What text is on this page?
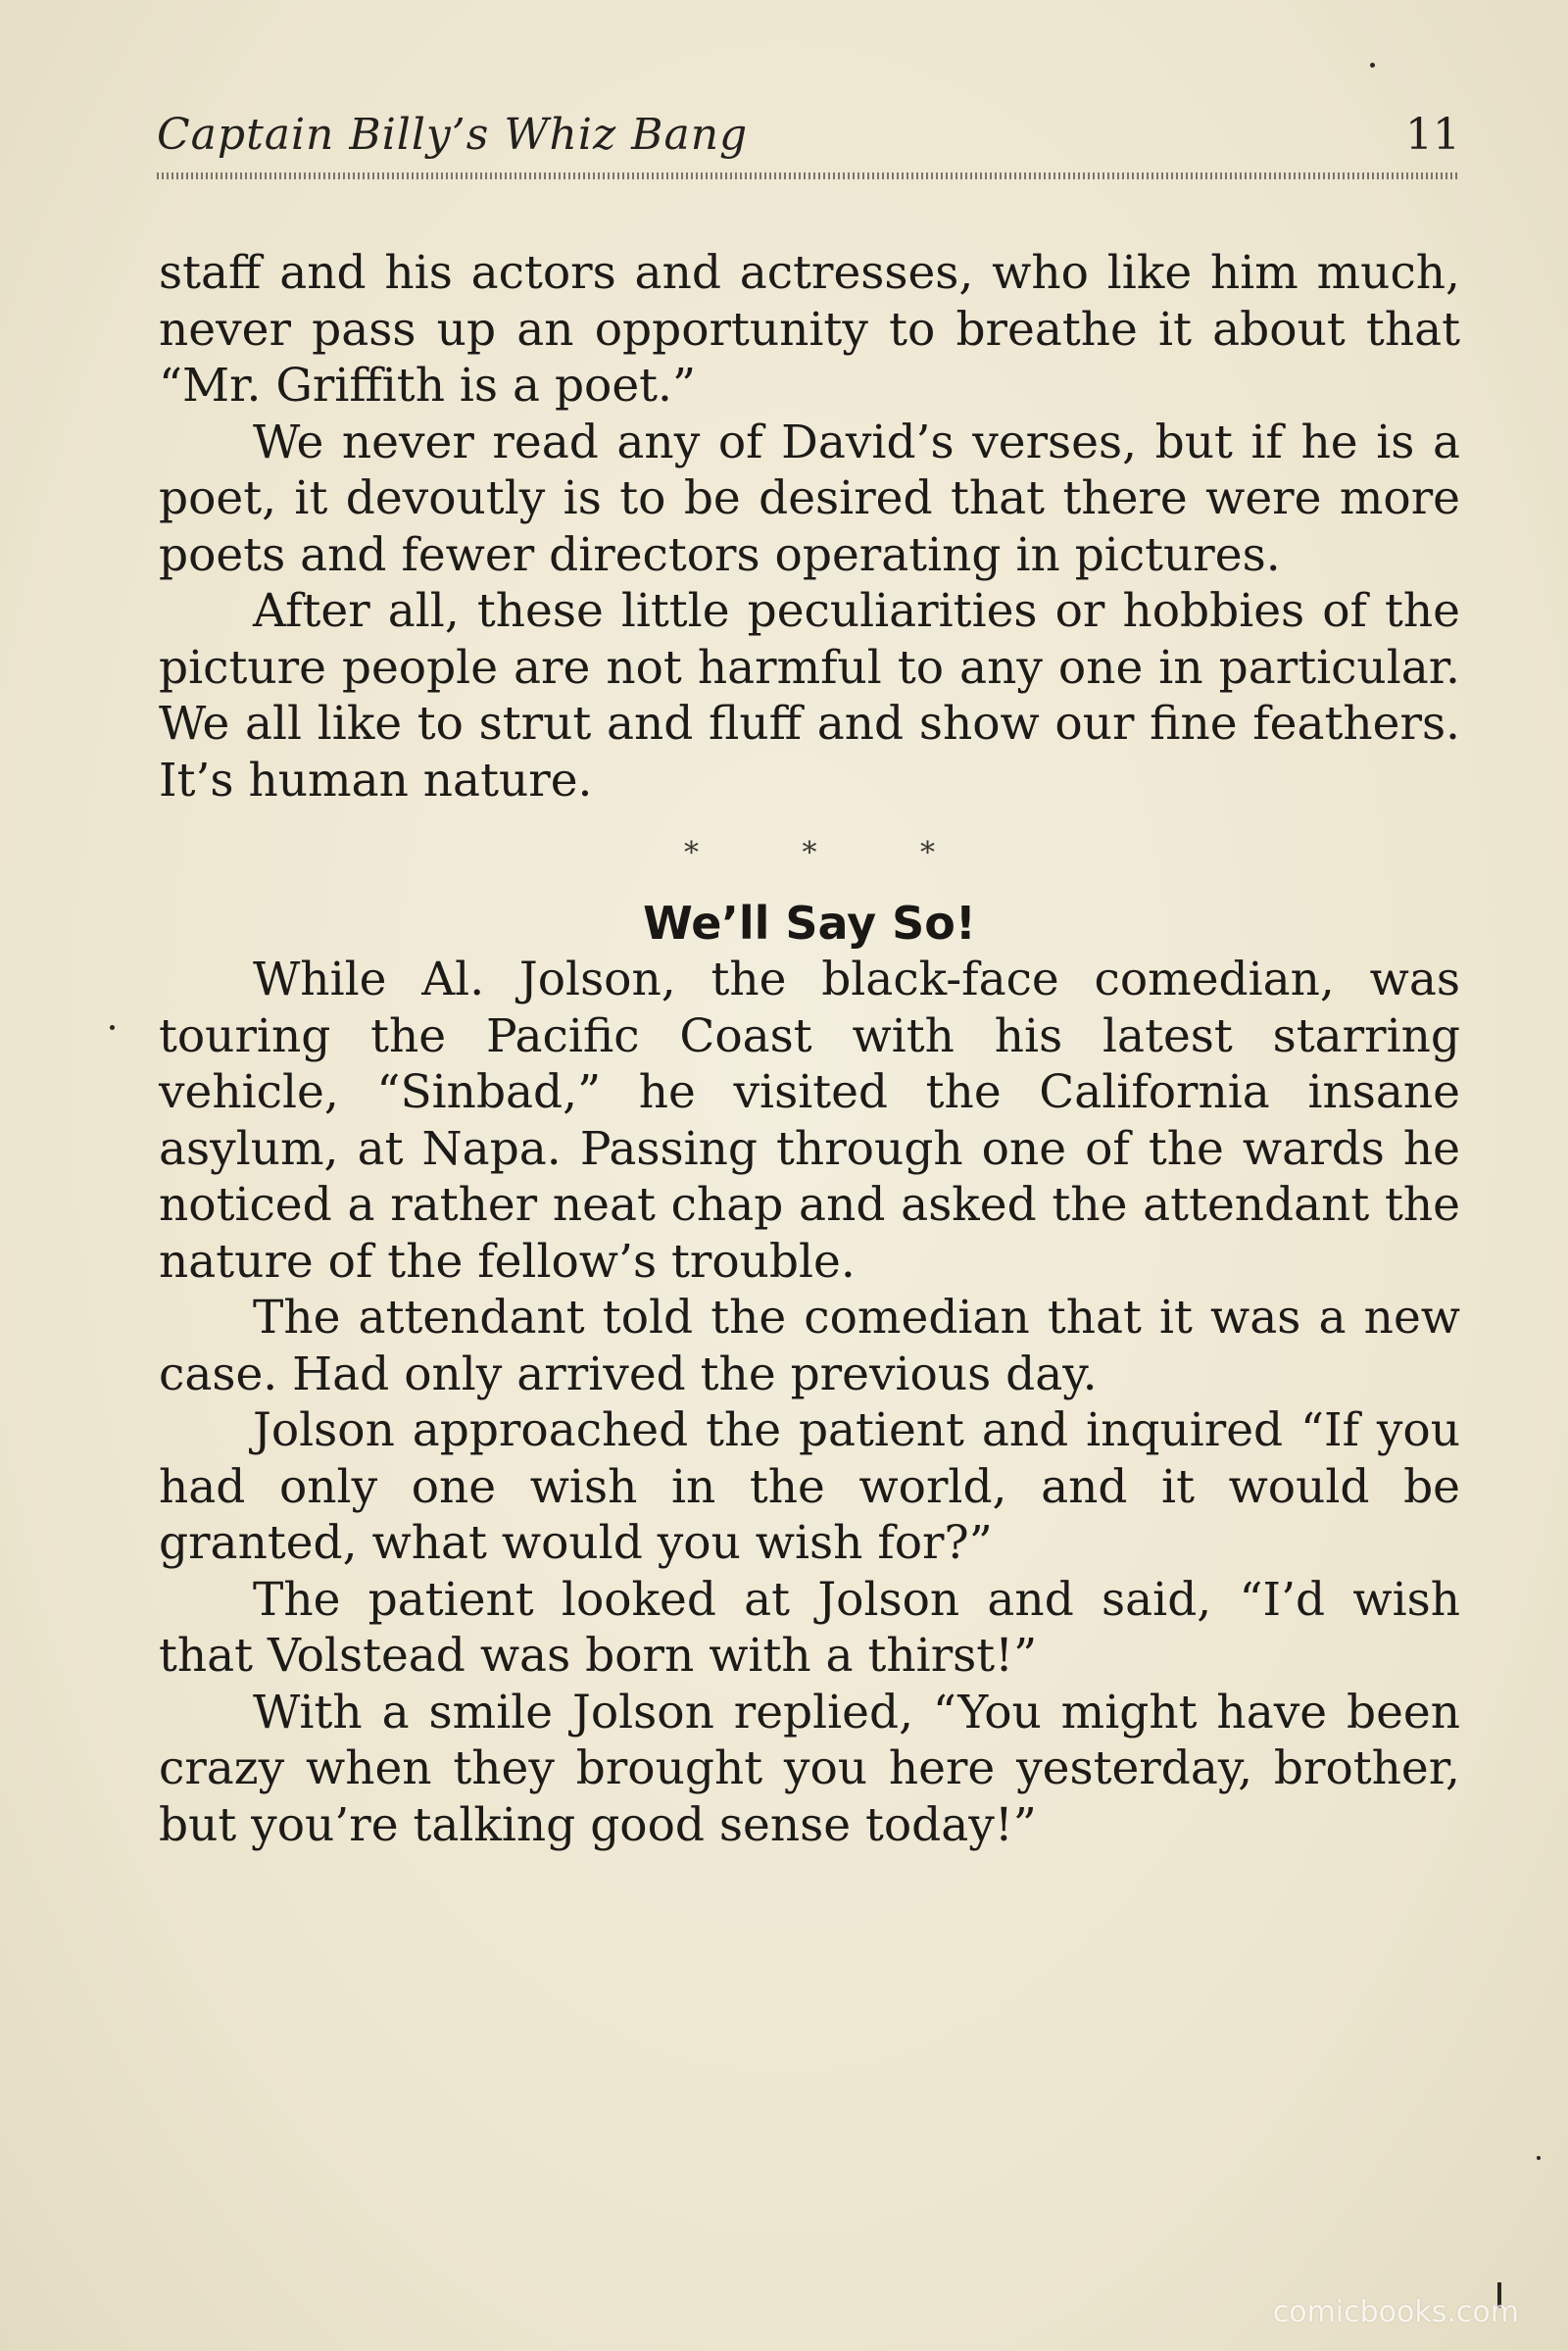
Captain Billy’s Whiz Bang	11

staff and his actors and actresses, who like him much, never pass up an opportunity to breathe it about that “Mr. Griffith is a poet.”

We never read any of David’s verses, but if he is a poet, it devoutly is to be desired that there were more poets and fewer directors operating in pictures.

After all, these little peculiarities or hobbies of the picture people are not harmful to any one in particular. We all like to strut and fluff and show our fine feathers. It’s human nature.

* * *
We’ll Say So!

While Al. Jolson, the black-face comedian, was touring the Pacific Coast with his latest starring vehicle, “Sinbad,” he visited the California insane asylum, at Napa. Passing through one of the wards he noticed a rather neat chap and asked the attendant the nature of the fellow’s trouble.

The attendant told the comedian that it was a new case. Had only arrived the previous day.

Jolson approached the patient and inquired “If you had only one wish in the world, and it would be granted, what would you wish for?”

The patient looked at Jolson and said, “I’d wish that Volstead was born with a thirst!”

With a smile Jolson replied, “You might have been crazy when they brought you here yesterday, brother, but you’re talking good sense today!”

comicbooks.com
